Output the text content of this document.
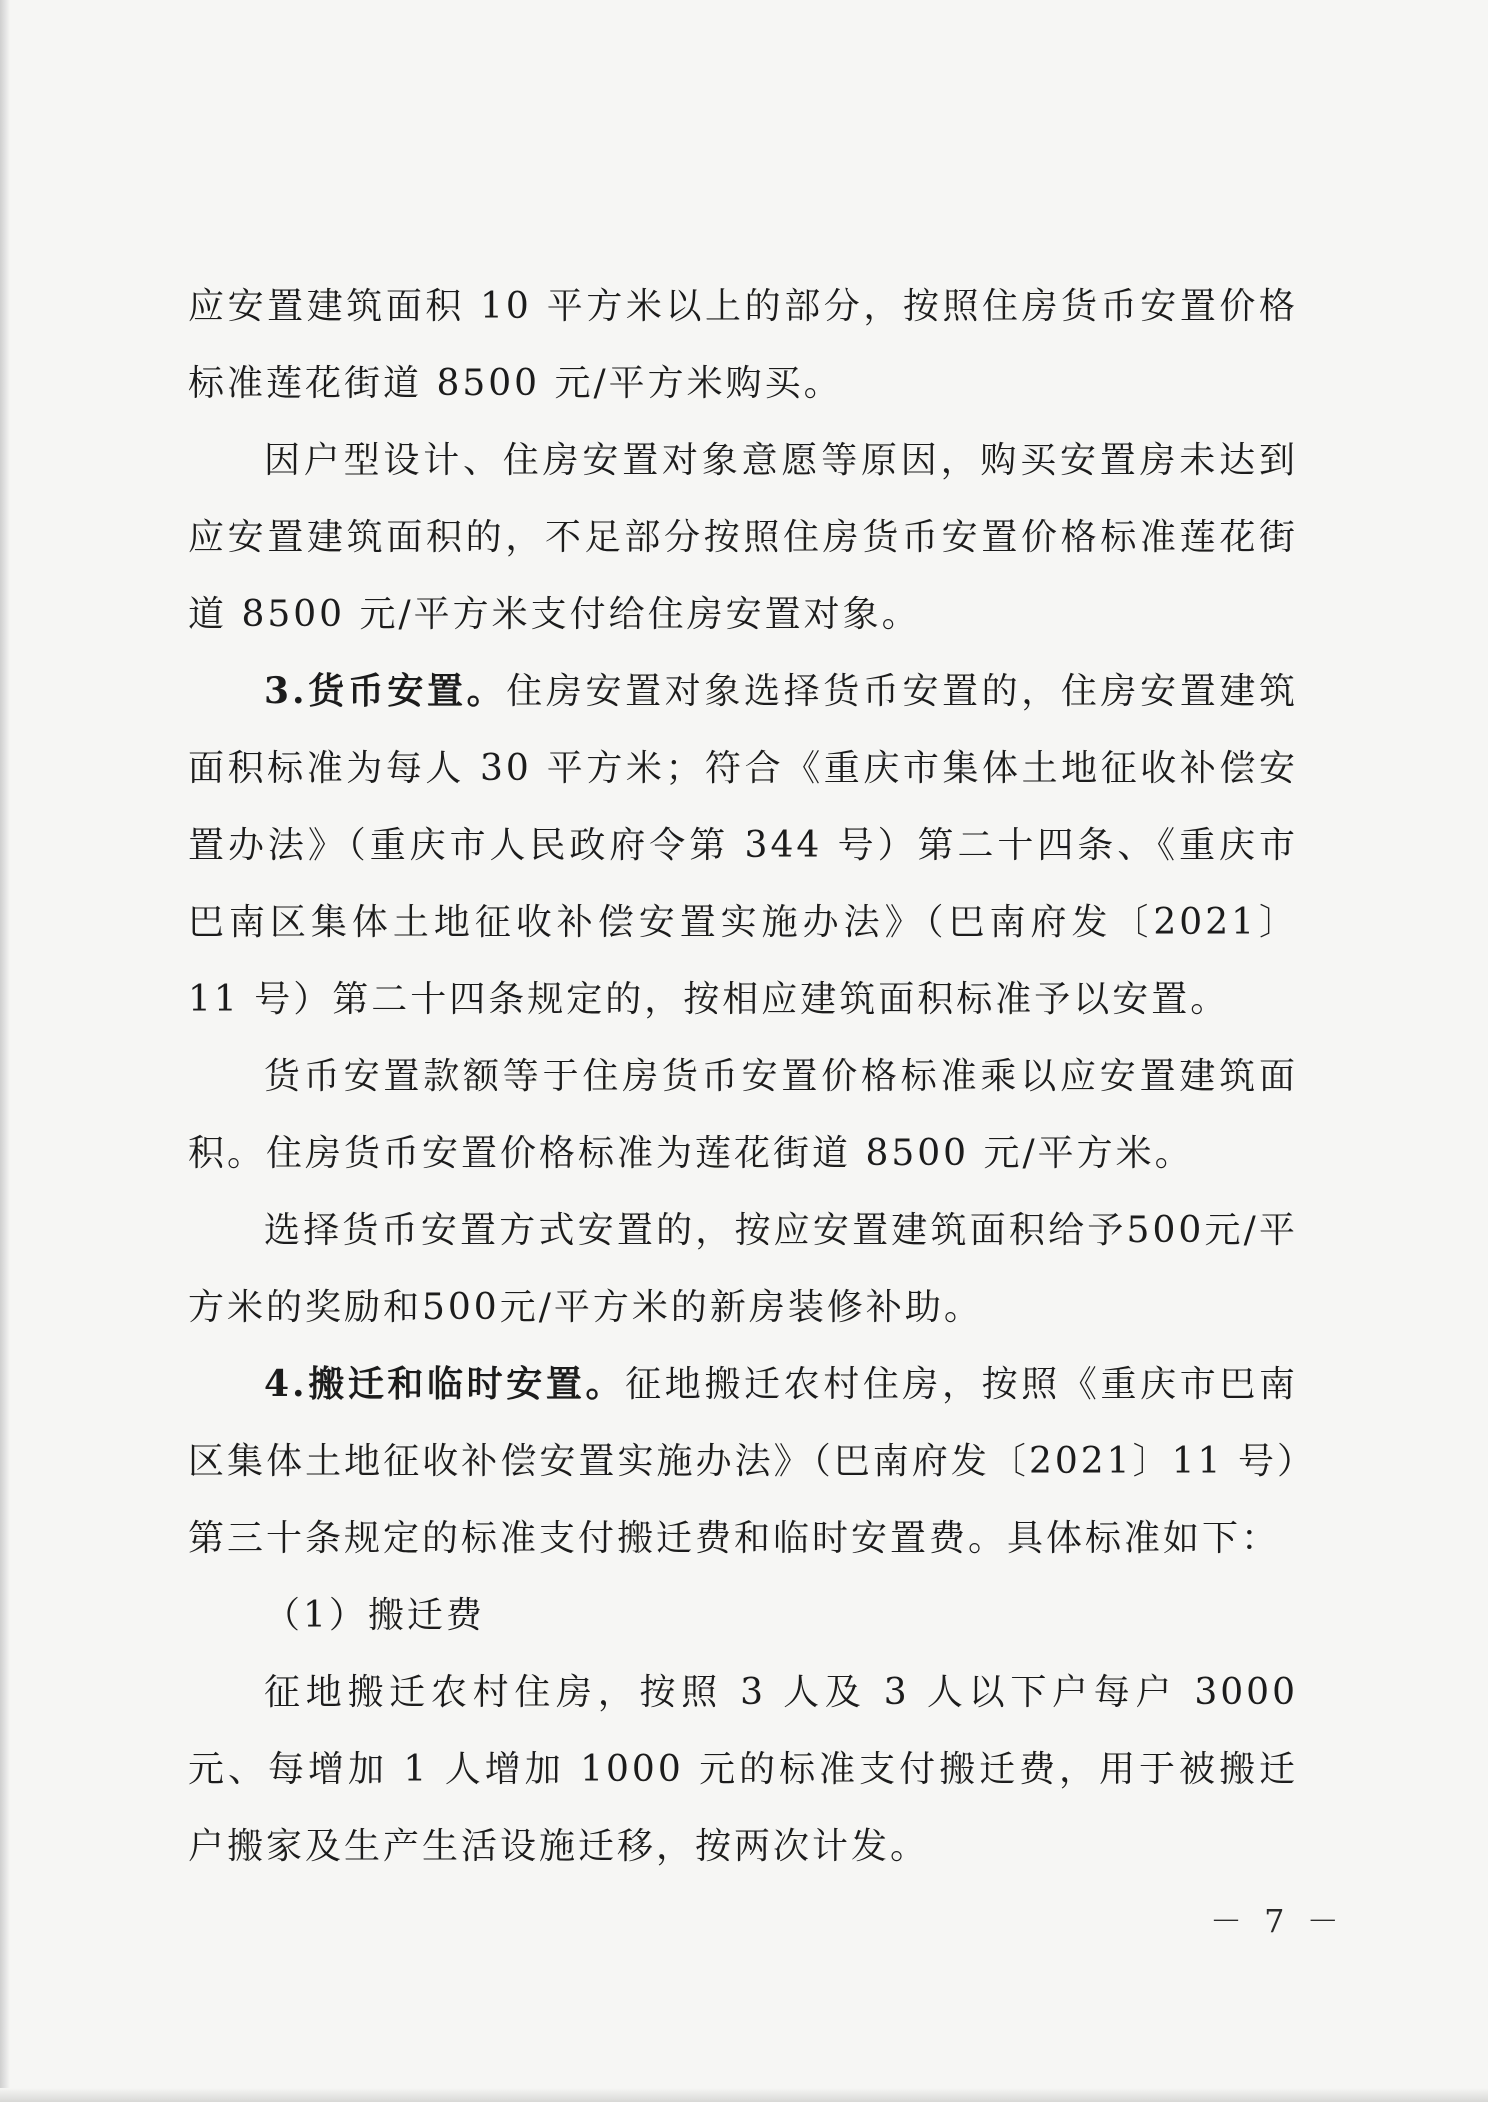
应安置建筑面积 10 平方米以上的部分，按照住房货币安置价格标准莲花街道 8500 元/平方米购买。

因户型设计、住房安置对象意愿等原因，购买安置房未达到应安置建筑面积的，不足部分按照住房货币安置价格标准莲花街道 8500 元/平方米支付给住房安置对象。

3.货币安置。住房安置对象选择货币安置的，住房安置建筑面积标准为每人 30 平方米；符合《重庆市集体土地征收补偿安置办法》（重庆市人民政府令第 344 号）第二十四条、《重庆市巴南区集体土地征收补偿安置实施办法》（巴南府发〔2021〕11 号）第二十四条规定的，按相应建筑面积标准予以安置。

货币安置款额等于住房货币安置价格标准乘以应安置建筑面积。住房货币安置价格标准为莲花街道 8500 元/平方米。

选择货币安置方式安置的，按应安置建筑面积给予500元/平方米的奖励和500元/平方米的新房装修补助。

4.搬迁和临时安置。征地搬迁农村住房，按照《重庆市巴南区集体土地征收补偿安置实施办法》（巴南府发〔2021〕11 号）第三十条规定的标准支付搬迁费和临时安置费。具体标准如下：

（1）搬迁费

征地搬迁农村住房，按照 3 人及 3 人以下户每户 3000 元、每增加 1 人增加 1000 元的标准支付搬迁费，用于被搬迁户搬家及生产生活设施迁移，按两次计发。

－ 7 －
